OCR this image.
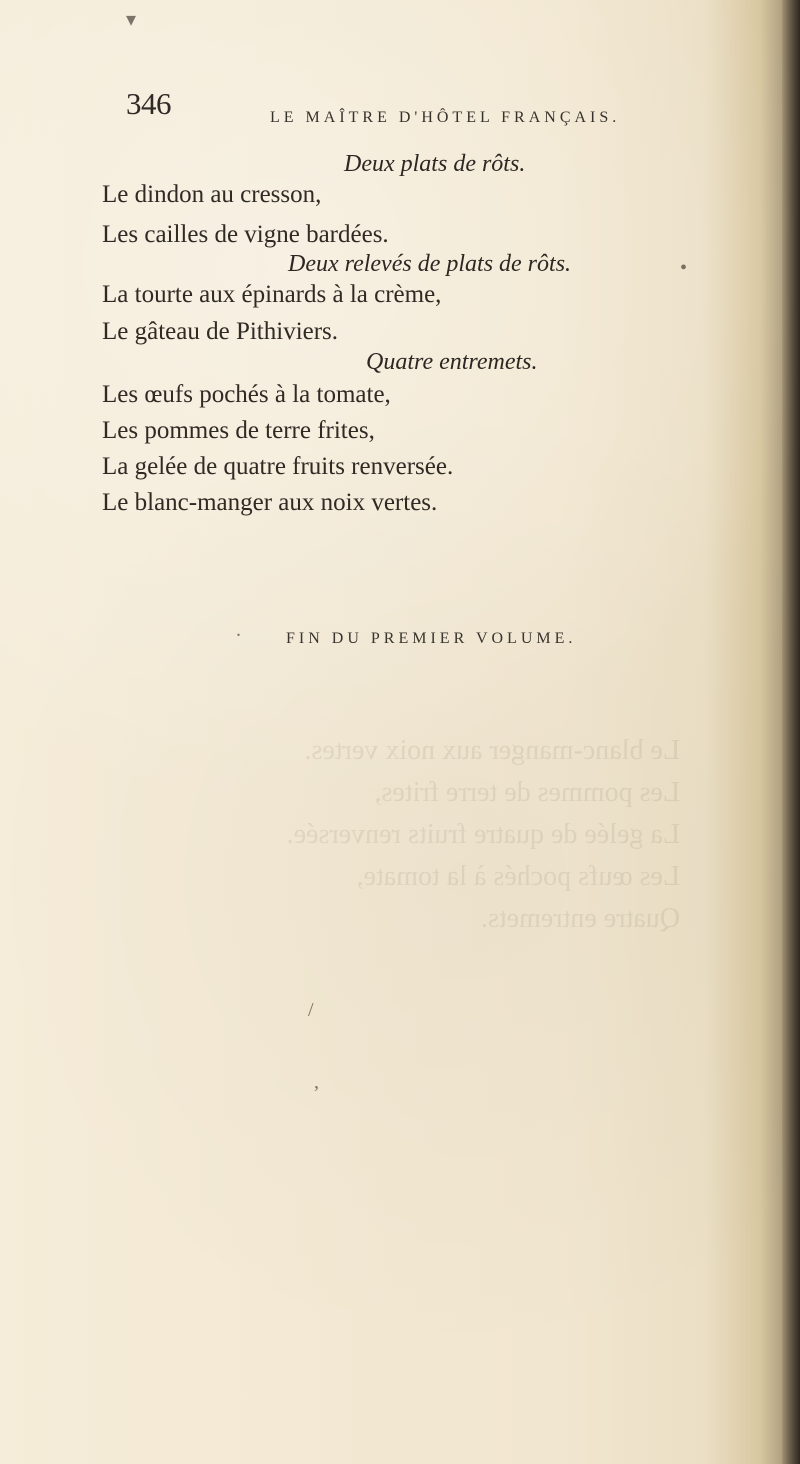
Le blanc-manger aux noix vertes.
Les pommes de terre frites,
La gelée de quatre fruits renversée.
Les œufs pochés à la tomate,
Quatre entremets.
346	LE MAÎTRE D'HÔTEL FRANÇAIS.
Deux plats de rôts.
Le dindon au cresson,
Les cailles de vigne bardées.
Deux relevés de plats de rôts.
La tourte aux épinards à la crème,
Le gâteau de Pithiviers.
Quatre entremets.
Les œufs pochés à la tomate,
Les pommes de terre frites,
La gelée de quatre fruits renversée.
Le blanc-manger aux noix vertes.
FIN DU PREMIER VOLUME.
▾
•
.
/
,
